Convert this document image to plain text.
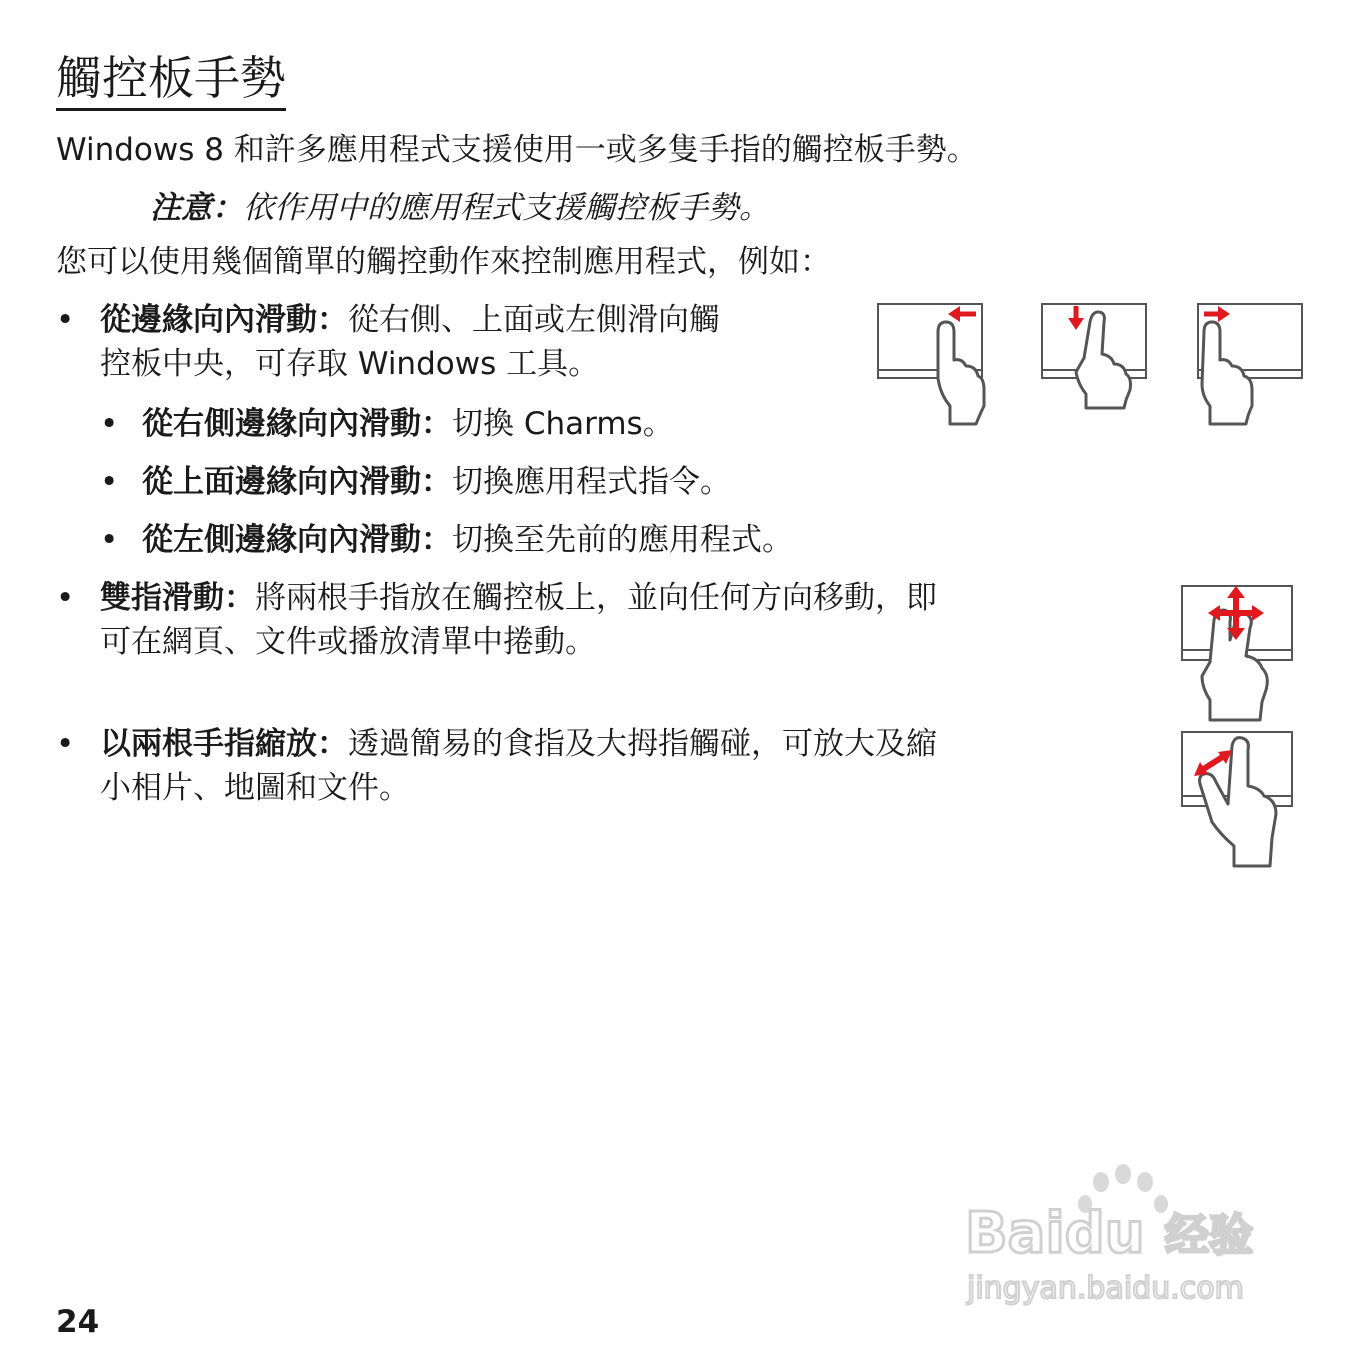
觸控板手勢
Windows 8 和許多應用程式支援使用一或多隻手指的觸控板手勢。
注意：依作用中的應用程式支援觸控板手勢。
您可以使用幾個簡單的觸控動作來控制應用程式，例如：
• 從邊緣向內滑動：從右側、上面或左側滑向觸
控板中央，可存取 Windows 工具。
• 從右側邊緣向內滑動：切換 Charms。
• 從上面邊緣向內滑動：切換應用程式指令。
• 從左側邊緣向內滑動：切換至先前的應用程式。
• 雙指滑動：將兩根手指放在觸控板上，並向任何方向移動，即
可在網頁、文件或播放清單中捲動。
• 以兩根手指縮放：透過簡易的食指及大拇指觸碰，可放大及縮
小相片、地圖和文件。
Baidu 经验
jingyan.baidu.com
24
